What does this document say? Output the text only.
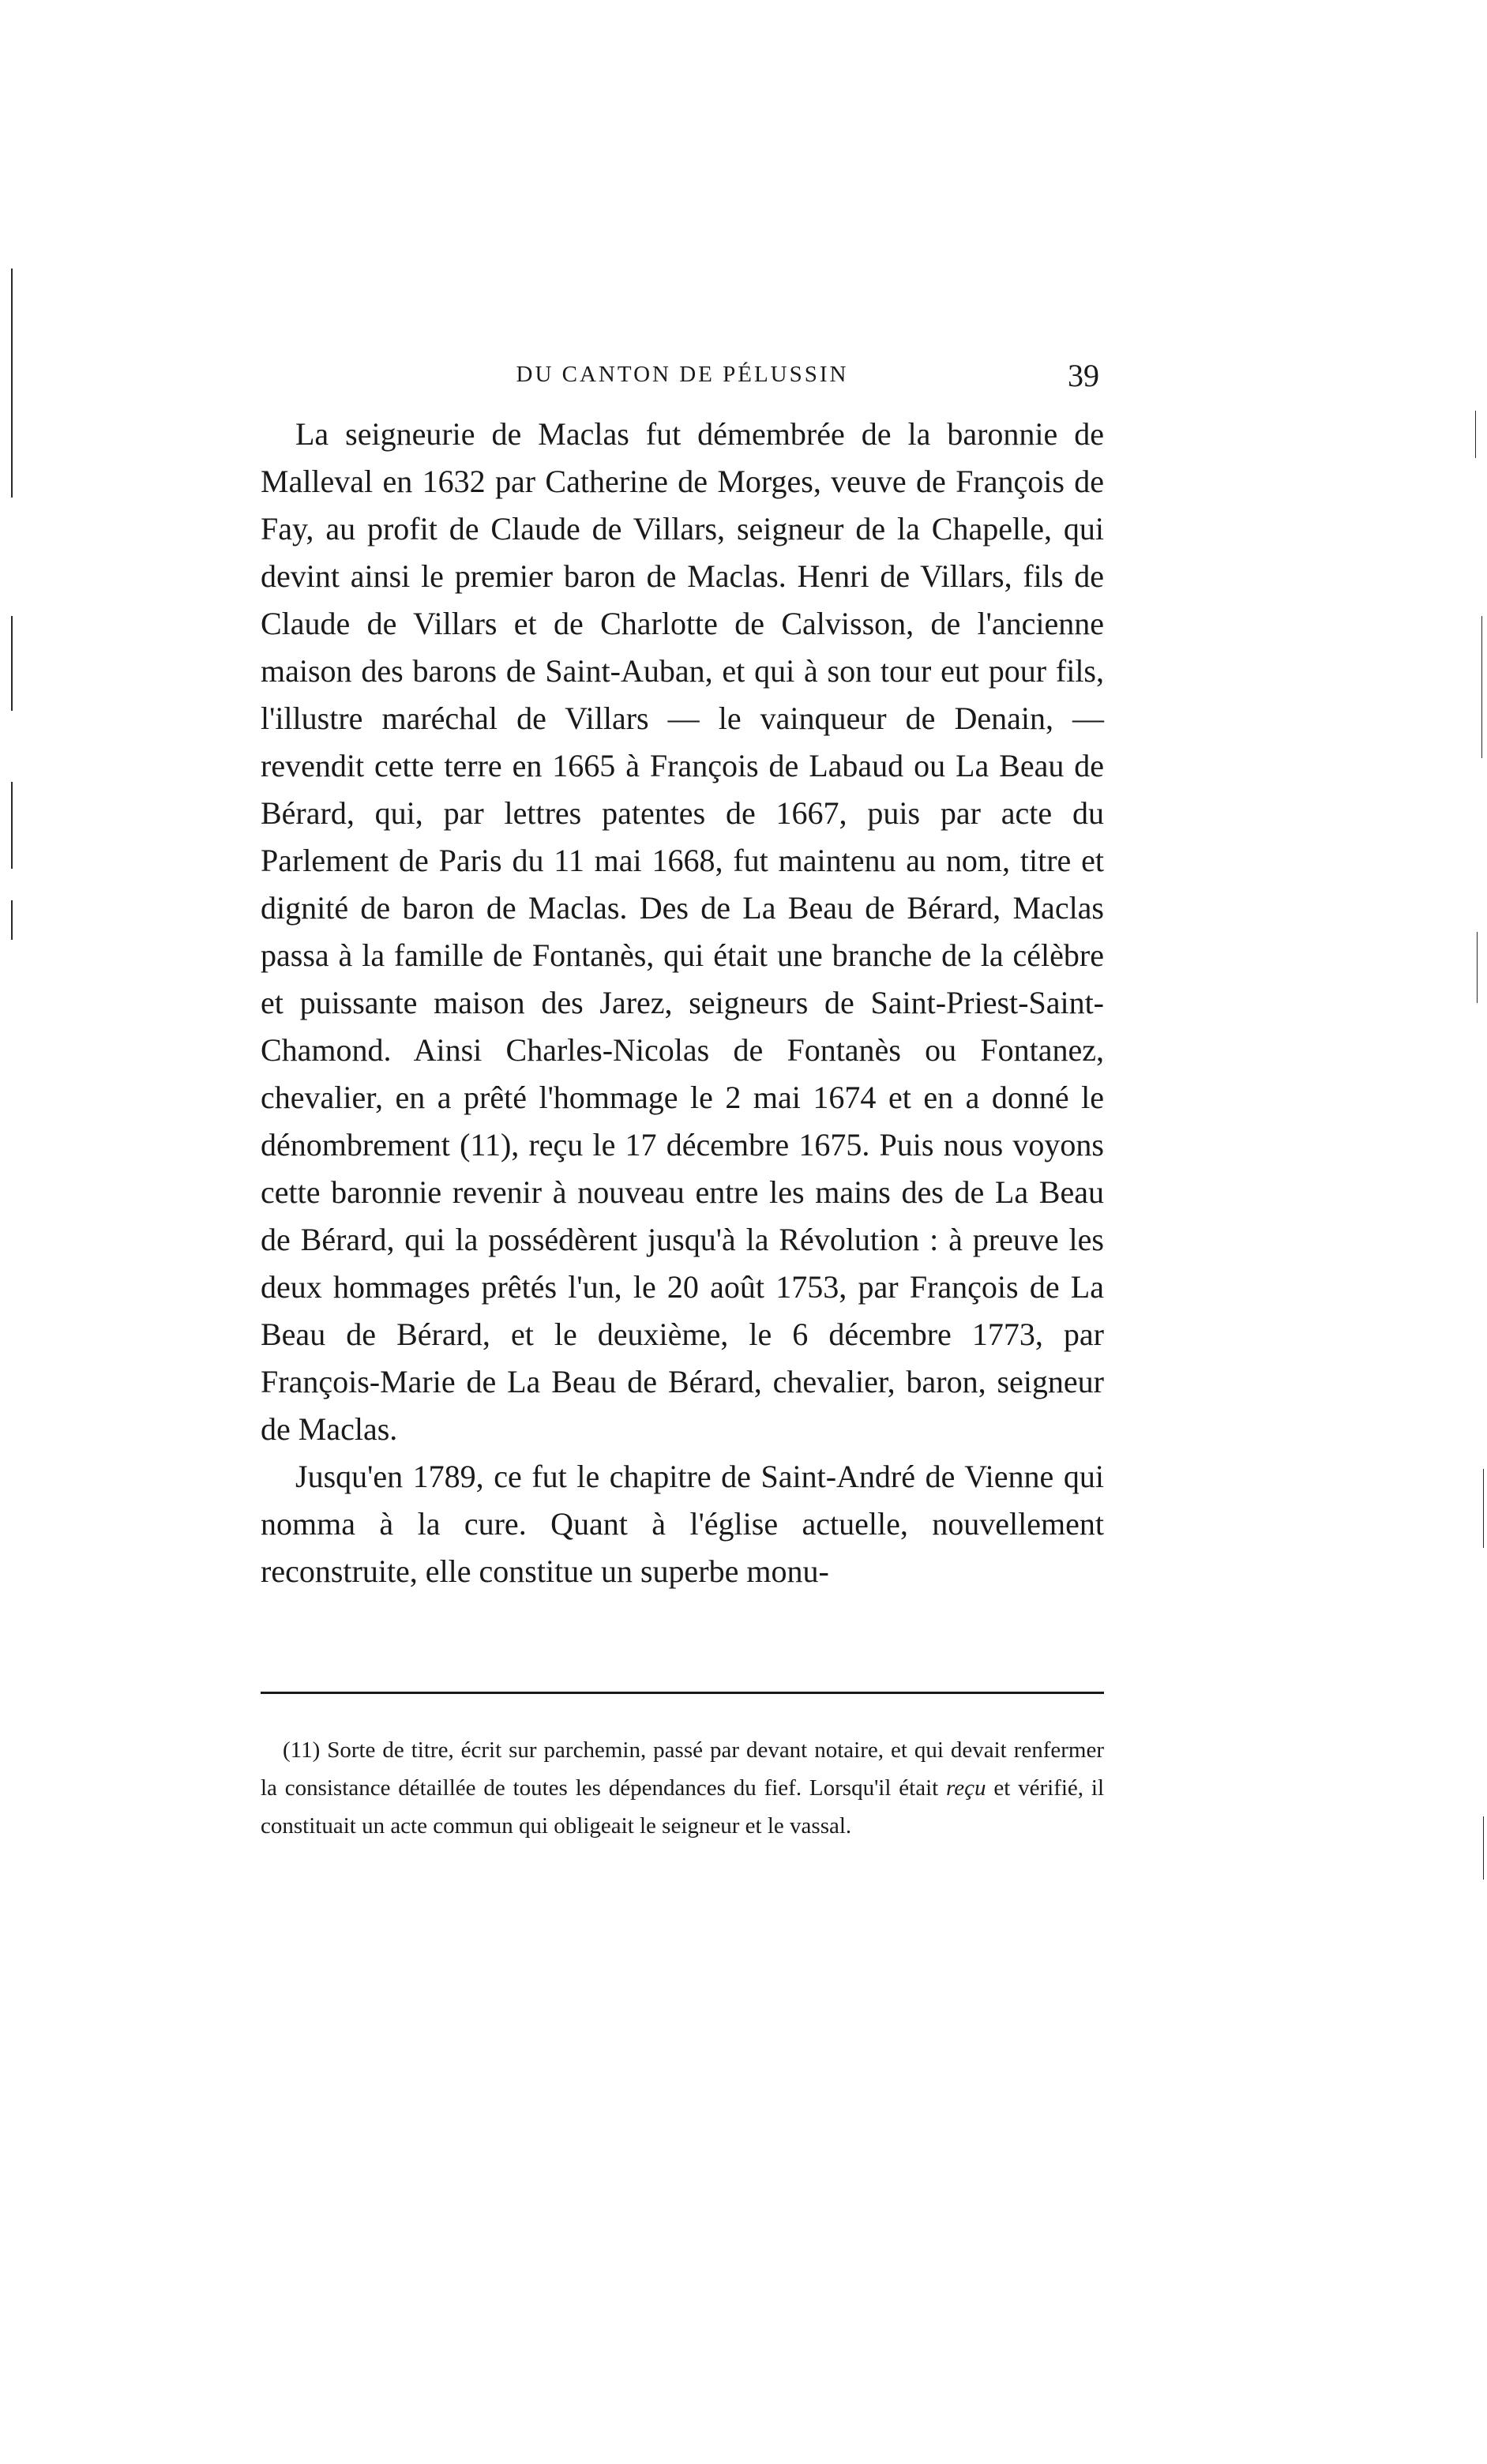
DU CANTON DE PÉLUSSIN	39

La seigneurie de Maclas fut démembrée de la baronnie de Malleval en 1632 par Catherine de Morges, veuve de François de Fay, au profit de Claude de Villars, seigneur de la Chapelle, qui devint ainsi le premier baron de Maclas. Henri de Villars, fils de Claude de Villars et de Charlotte de Calvisson, de l'ancienne maison des barons de Saint-Auban, et qui à son tour eut pour fils, l'illustre maréchal de Villars — le vainqueur de Denain, — revendit cette terre en 1665 à François de Labaud ou La Beau de Bérard, qui, par lettres patentes de 1667, puis par acte du Parlement de Paris du 11 mai 1668, fut maintenu au nom, titre et dignité de baron de Maclas. Des de La Beau de Bérard, Maclas passa à la famille de Fontanès, qui était une branche de la célèbre et puissante maison des Jarez, seigneurs de Saint-Priest-Saint-Chamond. Ainsi Charles-Nicolas de Fontanès ou Fontanez, chevalier, en a prêté l'hommage le 2 mai 1674 et en a donné le dénombrement (11), reçu le 17 décembre 1675. Puis nous voyons cette baronnie revenir à nouveau entre les mains des de La Beau de Bérard, qui la possédèrent jusqu'à la Révolution : à preuve les deux hommages prêtés l'un, le 20 août 1753, par François de La Beau de Bérard, et le deuxième, le 6 décembre 1773, par François-Marie de La Beau de Bérard, chevalier, baron, seigneur de Maclas.

Jusqu'en 1789, ce fut le chapitre de Saint-André de Vienne qui nomma à la cure. Quant à l'église actuelle, nouvellement reconstruite, elle constitue un superbe monu-

(11) Sorte de titre, écrit sur parchemin, passé par devant notaire, et qui devait renfermer la consistance détaillée de toutes les dépendances du fief. Lorsqu'il était reçu et vérifié, il constituait un acte commun qui obligeait le seigneur et le vassal.
